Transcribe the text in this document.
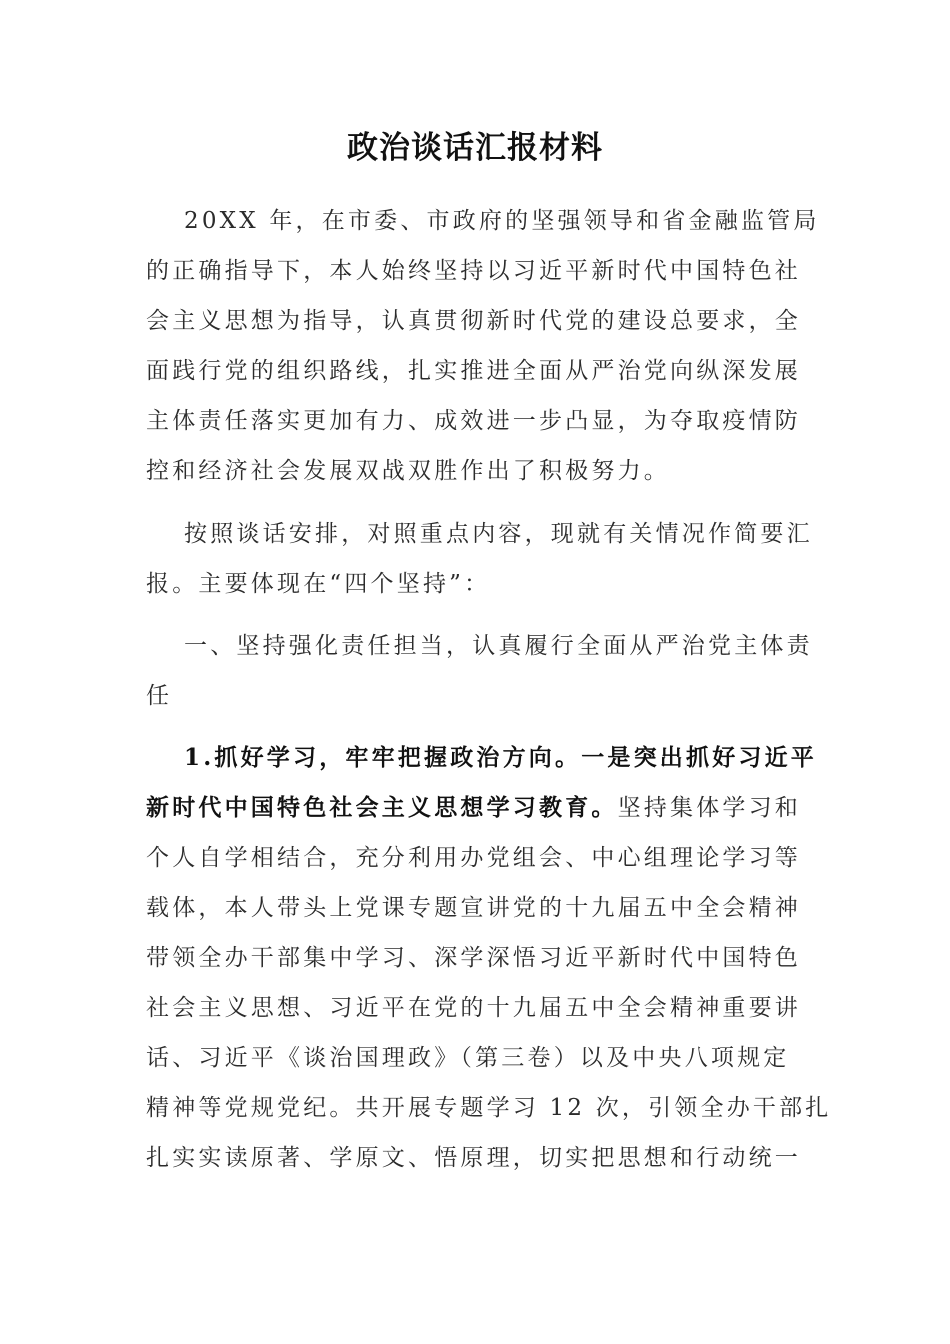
政治谈话汇报材料

20XX 年，在市委、市政府的坚强领导和省金融监管局
的正确指导下，本人始终坚持以习近平新时代中国特色社
会主义思想为指导，认真贯彻新时代党的建设总要求，全
面践行党的组织路线，扎实推进全面从严治党向纵深发展
主体责任落实更加有力、成效进一步凸显，为夺取疫情防
控和经济社会发展双战双胜作出了积极努力。

按照谈话安排，对照重点内容，现就有关情况作简要汇
报。主要体现在“四个坚持”：

一、坚持强化责任担当，认真履行全面从严治党主体责
任

1.抓好学习，牢牢把握政治方向。一是突出抓好习近平
新时代中国特色社会主义思想学习教育。坚持集体学习和
个人自学相结合，充分利用办党组会、中心组理论学习等
载体，本人带头上党课专题宣讲党的十九届五中全会精神
带领全办干部集中学习、深学深悟习近平新时代中国特色
社会主义思想、习近平在党的十九届五中全会精神重要讲
话、习近平《谈治国理政》（第三卷）以及中央八项规定
精神等党规党纪。共开展专题学习 12 次，引领全办干部扎
扎实实读原著、学原文、悟原理，切实把思想和行动统一
